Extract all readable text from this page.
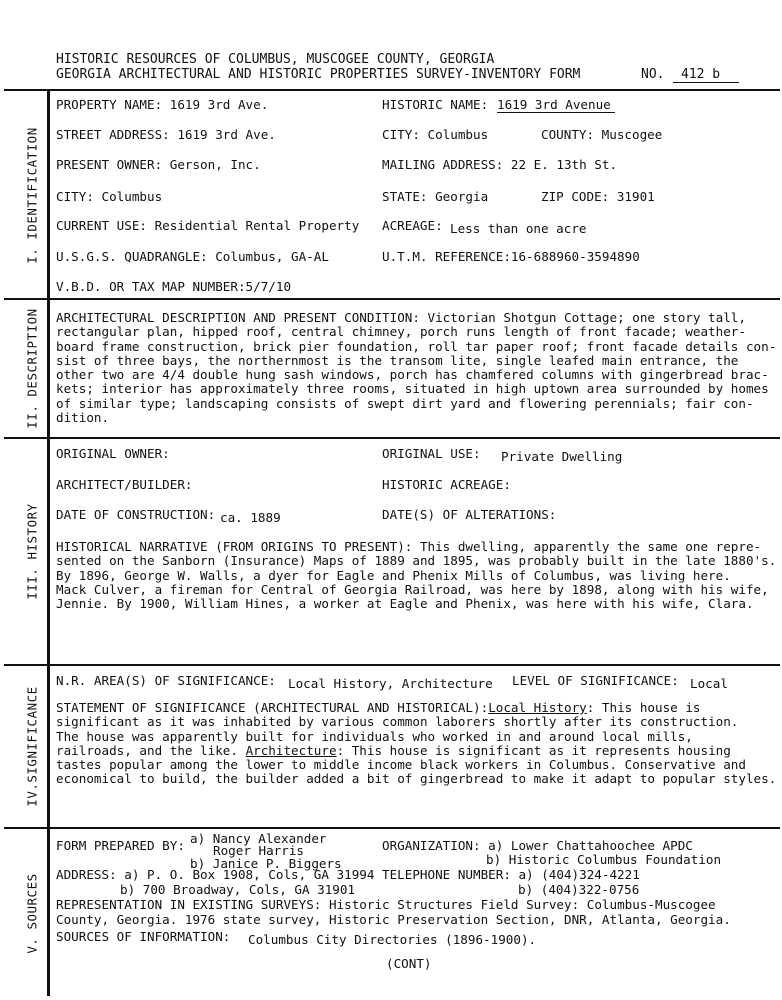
HISTORIC RESOURCES OF COLUMBUS, MUSCOGEE COUNTY, GEORGIA
GEORGIA ARCHITECTURAL AND HISTORIC PROPERTIES SURVEY-INVENTORY FORM	NO.	412 b
I. IDENTIFICATION
II. DESCRIPTION
III. HISTORY
IV.SIGNIFICANCE
V. SOURCES
PROPERTY NAME: 1619 3rd Ave.	HISTORIC NAME: 1619 3rd Avenue
STREET ADDRESS: 1619 3rd Ave.	CITY: Columbus	COUNTY: Muscogee
PRESENT OWNER: Gerson, Inc.	MAILING ADDRESS: 22 E. 13th St.
CITY: Columbus	STATE: Georgia	ZIP CODE: 31901
CURRENT USE: Residential Rental Property ACREAGE: Less than one acre
U.S.G.S. QUADRANGLE: Columbus, GA-AL	U.T.M. REFERENCE:16-688960-3594890
V.B.D. OR TAX MAP NUMBER:5/7/10
ARCHITECTURAL DESCRIPTION AND PRESENT CONDITION: Victorian Shotgun Cottage; one story tall,
rectangular plan, hipped roof, central chimney, porch runs length of front facade; weather-
board frame construction, brick pier foundation, roll tar paper roof; front facade details con-
sist of three bays, the northernmost is the transom lite, single leafed main entrance, the
other two are 4/4 double hung sash windows, porch has chamfered columns with gingerbread brac-
kets; interior has approximately three rooms, situated in high uptown area surrounded by homes
of similar type; landscaping consists of swept dirt yard and flowering perennials; fair con-
dition.
ORIGINAL OWNER:	ORIGINAL USE: Private Dwelling
ARCHITECT/BUILDER:	HISTORIC ACREAGE:
DATE OF CONSTRUCTION: ca. 1889	DATE(S) OF ALTERATIONS:
HISTORICAL NARRATIVE (FROM ORIGINS TO PRESENT): This dwelling, apparently the same one repre-
sented on the Sanborn (Insurance) Maps of 1889 and 1895, was probably built in the late 1880's.
By 1896, George W. Walls, a dyer for Eagle and Phenix Mills of Columbus, was living here.
Mack Culver, a fireman for Central of Georgia Railroad, was here by 1898, along with his wife,
Jennie. By 1900, William Hines, a worker at Eagle and Phenix, was here with his wife, Clara.
N.R. AREA(S) OF SIGNIFICANCE: Local History, Architecture LEVEL OF SIGNIFICANCE: Local
STATEMENT OF SIGNIFICANCE (ARCHITECTURAL AND HISTORICAL):Local History: This house is
significant as it was inhabited by various common laborers shortly after its construction.
The house was apparently built for individuals who worked in and around local mills,
railroads, and the like. Architecture: This house is significant as it represents housing
tastes popular among the lower to middle income black workers in Columbus. Conservative and
economical to build, the builder added a bit of gingerbread to make it adapt to popular styles.
FORM PREPARED BY: a) Nancy Alexander
Roger Harris
b) Janice P. Biggers
ORGANIZATION: a) Lower Chattahoochee APDC
b) Historic Columbus Foundation
ADDRESS: a) P. O. Box 1908, Cols, GA 31994 TELEPHONE NUMBER: a) (404)324-4221
b) 700 Broadway, Cols, GA 31901	b) (404)322-0756
REPRESENTATION IN EXISTING SURVEYS: Historic Structures Field Survey: Columbus-Muscogee
County, Georgia. 1976 state survey, Historic Preservation Section, DNR, Atlanta, Georgia.
SOURCES OF INFORMATION: Columbus City Directories (1896-1900).
(CONT)
